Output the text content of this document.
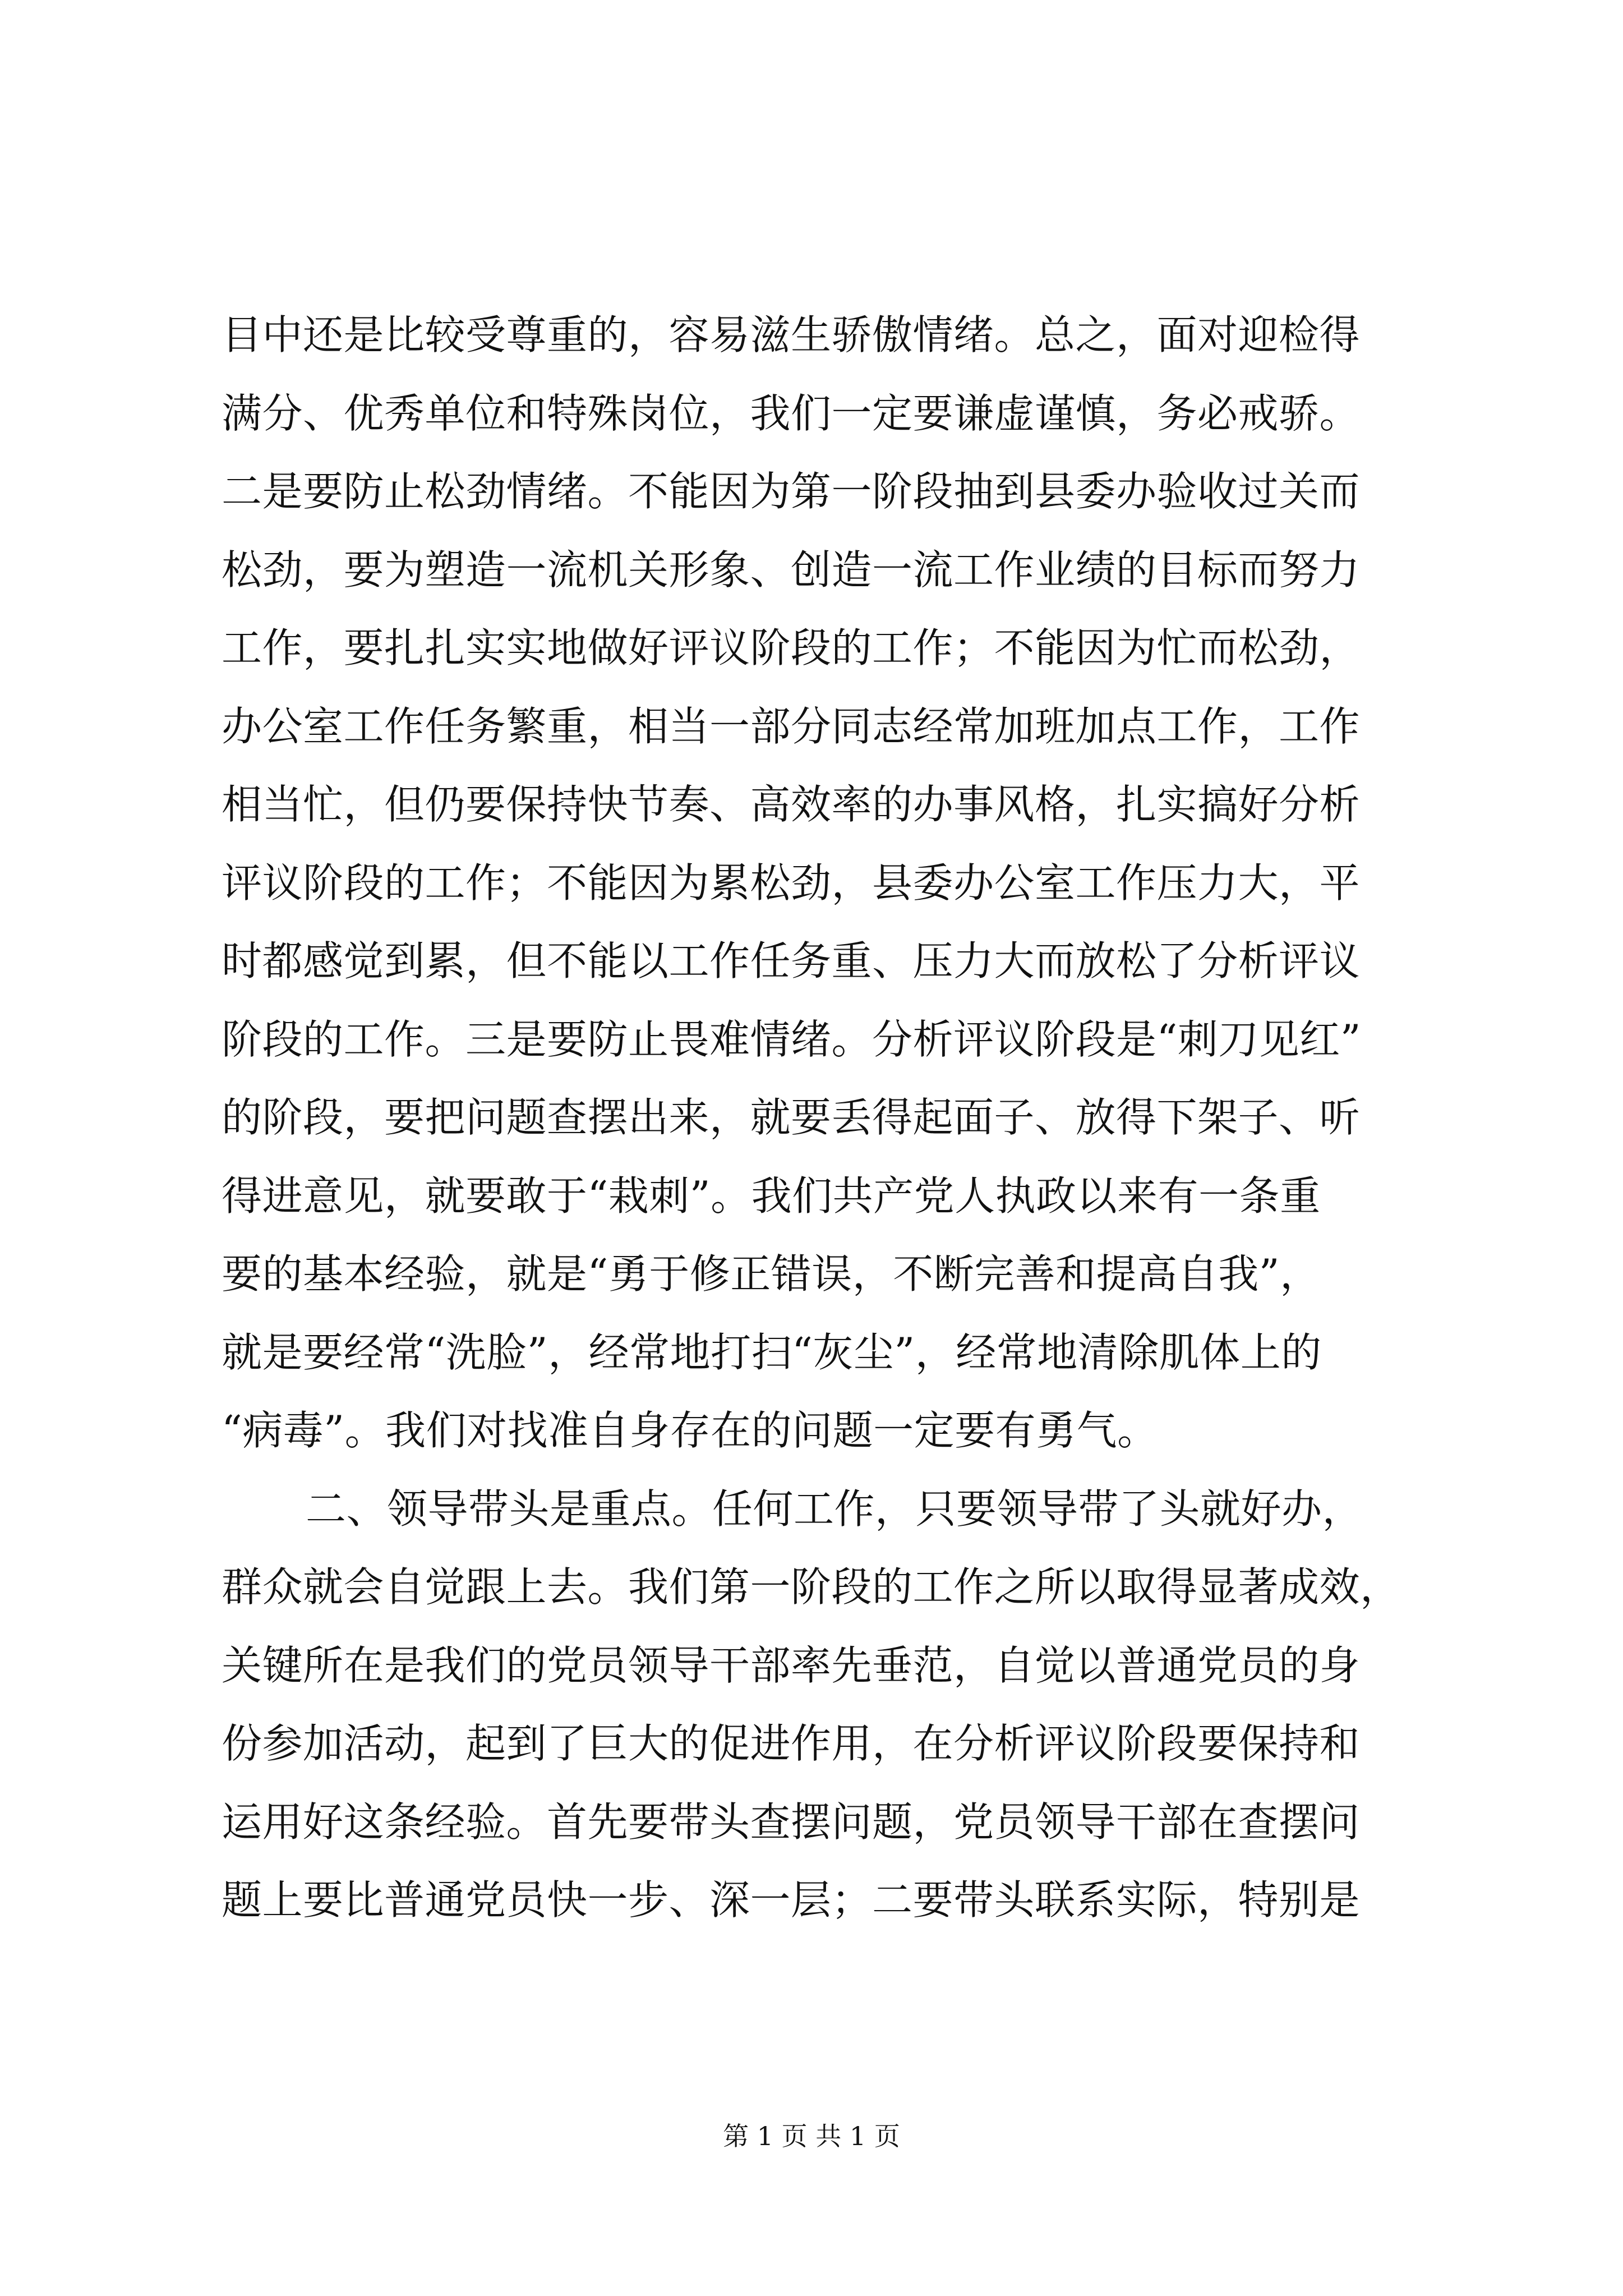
目中还是比较受尊重的，容易滋生骄傲情绪。总之，面对迎检得
满分、优秀单位和特殊岗位，我们一定要谦虚谨慎，务必戒骄。
二是要防止松劲情绪。不能因为第一阶段抽到县委办验收过关而
松劲，要为塑造一流机关形象、创造一流工作业绩的目标而努力
工作，要扎扎实实地做好评议阶段的工作；不能因为忙而松劲，
办公室工作任务繁重，相当一部分同志经常加班加点工作，工作
相当忙，但仍要保持快节奏、高效率的办事风格，扎实搞好分析
评议阶段的工作；不能因为累松劲，县委办公室工作压力大，平
时都感觉到累，但不能以工作任务重、压力大而放松了分析评议
阶段的工作。三是要防止畏难情绪。分析评议阶段是“刺刀见红”
的阶段，要把问题查摆出来，就要丢得起面子、放得下架子、听
得进意见，就要敢于“栽刺”。我们共产党人执政以来有一条重
要的基本经验，就是“勇于修正错误，不断完善和提高自我”，
就是要经常“洗脸”，经常地打扫“灰尘”，经常地清除肌体上的
“病毒”。我们对找准自身存在的问题一定要有勇气。
二、领导带头是重点。任何工作，只要领导带了头就好办，
群众就会自觉跟上去。我们第一阶段的工作之所以取得显著成效，
关键所在是我们的党员领导干部率先垂范，自觉以普通党员的身
份参加活动，起到了巨大的促进作用，在分析评议阶段要保持和
运用好这条经验。首先要带头查摆问题，党员领导干部在查摆问
题上要比普通党员快一步、深一层；二要带头联系实际，特别是
第 1 页 共 1 页
